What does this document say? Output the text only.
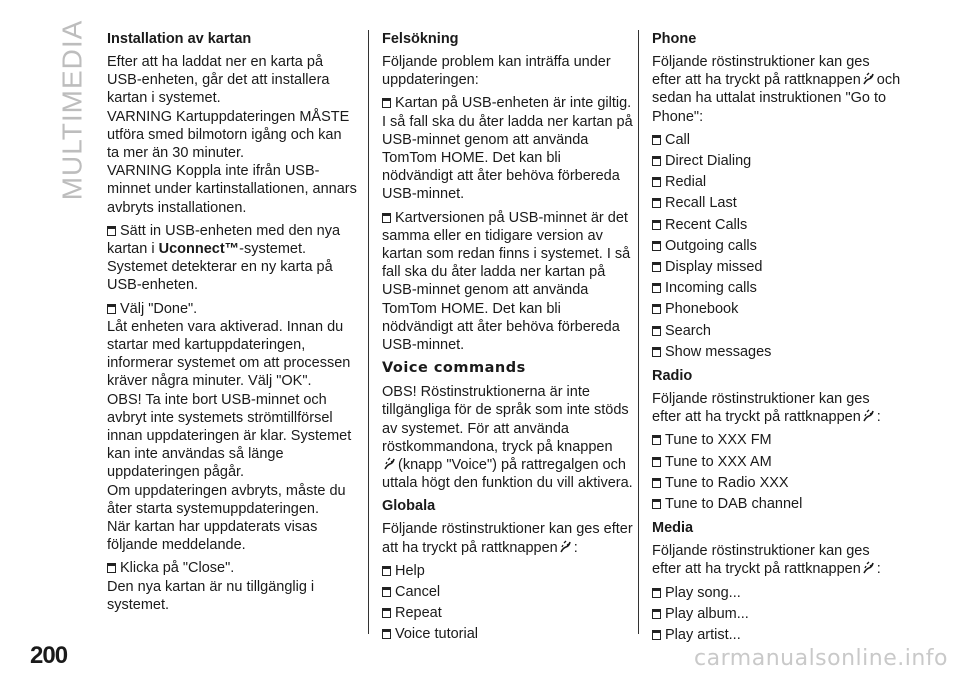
MULTIMEDIA Installation av kartan

Efter att ha laddat ner en karta på USB-enheten, går det att installera kartan i systemet.
VARNING Kartuppdateringen MÅSTE utföra smed bilmotorn igång och kan ta mer än 30 minuter.
VARNING Koppla inte ifrån USB-minnet under kartinstallationen, annars avbryts installationen.

Sätt in USB-enheten med den nya kartan i Uconnect™-systemet.
Systemet detekterar en ny karta på USB-enheten.

Välj "Done".
Låt enheten vara aktiverad. Innan du startar med kartuppdateringen, informerar systemet om att processen kräver några minuter. Välj "OK".
OBS! Ta inte bort USB-minnet och avbryt inte systemets strömtillförsel innan uppdateringen är klar. Systemet kan inte användas så länge uppdateringen pågår.
Om uppdateringen avbryts, måste du åter starta systemuppdateringen.
När kartan har uppdaterats visas följande meddelande.

Klicka på "Close".
Den nya kartan är nu tillgänglig i systemet.

Felsökning

Följande problem kan inträffa under uppdateringen:

Kartan på USB-enheten är inte giltig. I så fall ska du åter ladda ner kartan på USB-minnet genom att använda TomTom HOME. Det kan bli nödvändigt att åter behöva förbereda USB-minnet.

Kartversionen på USB-minnet är det samma eller en tidigare version av kartan som redan finns i systemet. I så fall ska du åter ladda ner kartan på USB-minnet genom att använda TomTom HOME. Det kan bli nödvändigt att åter behöva förbereda USB-minnet.

Voice commands

OBS! Röstinstruktionerna är inte tillgängliga för de språk som inte stöds av systemet. För att använda röstkommandona, tryck på knappen

(knapp "Voice") på rattregalgen och uttala högt den funktion du vill aktivera.

Globala

Följande röstinstruktioner kan ges efter att ha tryckt på rattknappen :

Help
Cancel
Repeat
Voice tutorial
Phone

Följande röstinstruktioner kan ges efter att ha tryckt på rattknappen och sedan ha uttalat instruktionen "Go to Phone":

Call
Direct Dialing
Redial
Recall Last
Recent Calls
Outgoing calls
Display missed
Incoming calls
Phonebook
Search
Show messages
Radio

Följande röstinstruktioner kan ges efter att ha tryckt på rattknappen :

Tune to XXX FM
Tune to XXX AM
Tune to Radio XXX
Tune to DAB channel
Media

Följande röstinstruktioner kan ges efter att ha tryckt på rattknappen :

Play song...
Play album...
Play artist...
200	carmanualsonline.info
